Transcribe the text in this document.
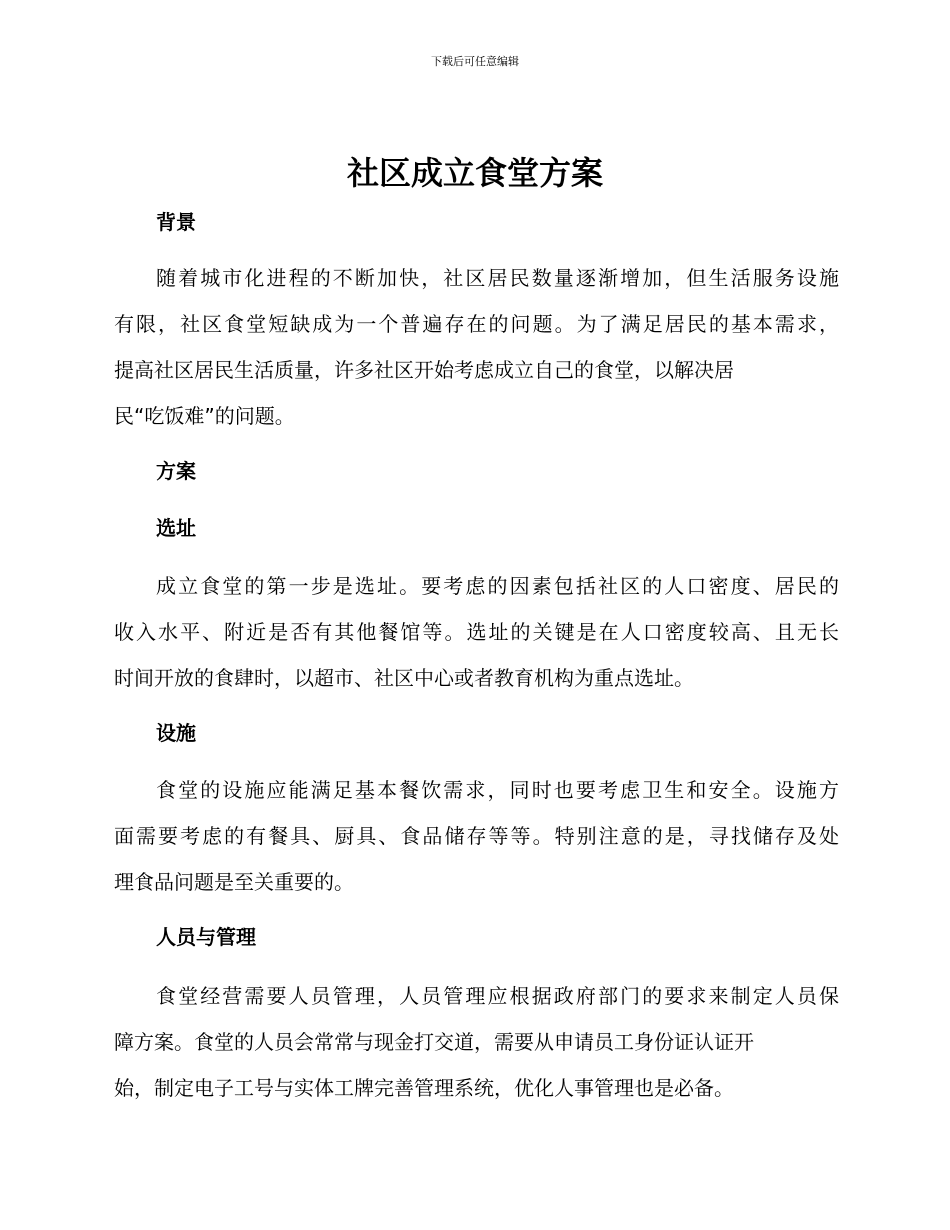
下载后可任意编辑
社区成立食堂方案
背景
随着城市化进程的不断加快，社区居民数量逐渐增加，但生活服务设施
有限，社区食堂短缺成为一个普遍存在的问题。为了满足居民的基本需求，
提高社区居民生活质量，许多社区开始考虑成立自己的食堂，以解决居
民“吃饭难”的问题。
方案
选址
成立食堂的第一步是选址。要考虑的因素包括社区的人口密度、居民的
收入水平、附近是否有其他餐馆等。选址的关键是在人口密度较高、且无长
时间开放的食肆时，以超市、社区中心或者教育机构为重点选址。
设施
食堂的设施应能满足基本餐饮需求，同时也要考虑卫生和安全。设施方
面需要考虑的有餐具、厨具、食品储存等等。特别注意的是，寻找储存及处
理食品问题是至关重要的。
人员与管理
食堂经营需要人员管理，人员管理应根据政府部门的要求来制定人员保
障方案。食堂的人员会常常与现金打交道，需要从申请员工身份证认证开
始，制定电子工号与实体工牌完善管理系统，优化人事管理也是必备。
